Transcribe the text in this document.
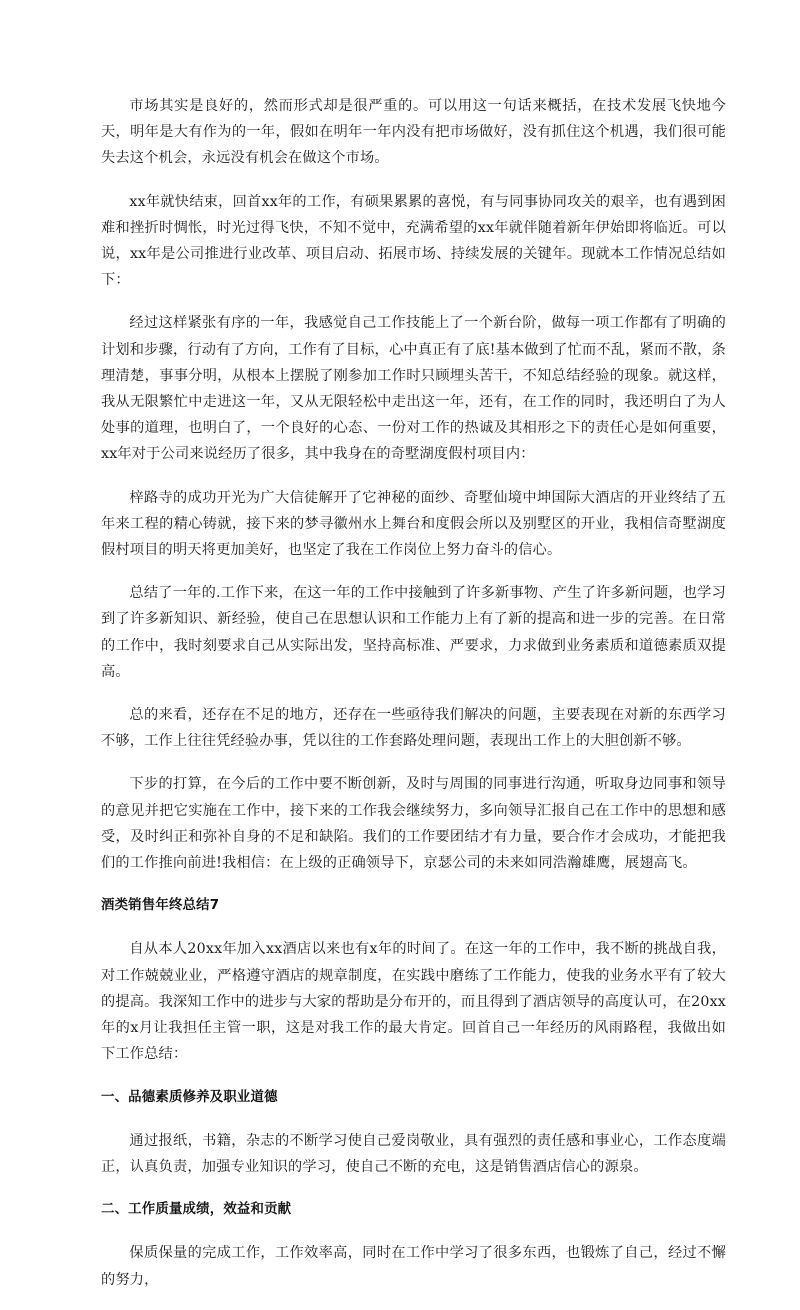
市场其实是良好的，然而形式却是很严重的。可以用这一句话来概括，在技术发展飞快地今天，明年是大有作为的一年，假如在明年一年内没有把市场做好，没有抓住这个机遇，我们很可能失去这个机会，永远没有机会在做这个市场。

xx年就快结束，回首xx年的工作，有硕果累累的喜悦，有与同事协同攻关的艰辛，也有遇到困难和挫折时惆怅，时光过得飞快，不知不觉中，充满希望的xx年就伴随着新年伊始即将临近。可以说，xx年是公司推进行业改革、项目启动、拓展市场、持续发展的关键年。现就本工作情况总结如下：

经过这样紧张有序的一年，我感觉自己工作技能上了一个新台阶，做每一项工作都有了明确的计划和步骤，行动有了方向，工作有了目标，心中真正有了底!基本做到了忙而不乱，紧而不散，条理清楚，事事分明，从根本上摆脱了刚参加工作时只顾埋头苦干，不知总结经验的现象。就这样，我从无限繁忙中走进这一年，又从无限轻松中走出这一年，还有，在工作的同时，我还明白了为人处事的道理，也明白了，一个良好的心态、一份对工作的热诚及其相形之下的责任心是如何重要，xx年对于公司来说经历了很多，其中我身在的奇墅湖度假村项目内：

梓路寺的成功开光为广大信徒解开了它神秘的面纱、奇墅仙境中坤国际大酒店的开业终结了五年来工程的精心铸就，接下来的梦寻徽州水上舞台和度假会所以及别墅区的开业，我相信奇墅湖度假村项目的明天将更加美好，也坚定了我在工作岗位上努力奋斗的信心。

总结了一年的.工作下来，在这一年的工作中接触到了许多新事物、产生了许多新问题，也学习到了许多新知识、新经验，使自己在思想认识和工作能力上有了新的提高和进一步的完善。在日常的工作中，我时刻要求自己从实际出发，坚持高标准、严要求，力求做到业务素质和道德素质双提高。

总的来看，还存在不足的地方，还存在一些亟待我们解决的问题，主要表现在对新的东西学习不够，工作上往往凭经验办事，凭以往的工作套路处理问题，表现出工作上的大胆创新不够。

下步的打算，在今后的工作中要不断创新，及时与周围的同事进行沟通，听取身边同事和领导的意见并把它实施在工作中，接下来的工作我会继续努力，多向领导汇报自己在工作中的思想和感受，及时纠正和弥补自身的不足和缺陷。我们的工作要团结才有力量，要合作才会成功，才能把我们的工作推向前进!我相信：在上级的正确领导下，京瑟公司的未来如同浩瀚雄鹰，展翅高飞。

酒类销售年终总结7

自从本人20xx年加入xx酒店以来也有x年的时间了。在这一年的工作中，我不断的挑战自我，对工作兢兢业业，严格遵守酒店的规章制度，在实践中磨练了工作能力，使我的业务水平有了较大的提高。我深知工作中的进步与大家的帮助是分布开的，而且得到了酒店领导的高度认可，在20xx年的x月让我担任主管一职，这是对我工作的最大肯定。回首自己一年经历的风雨路程，我做出如下工作总结：

一、品德素质修养及职业道德

通过报纸，书籍，杂志的不断学习使自己爱岗敬业，具有强烈的责任感和事业心，工作态度端正，认真负责，加强专业知识的学习，使自己不断的充电，这是销售酒店信心的源泉。

二、工作质量成绩，效益和贡献

保质保量的完成工作，工作效率高，同时在工作中学习了很多东西，也锻炼了自己，经过不懈的努力，
